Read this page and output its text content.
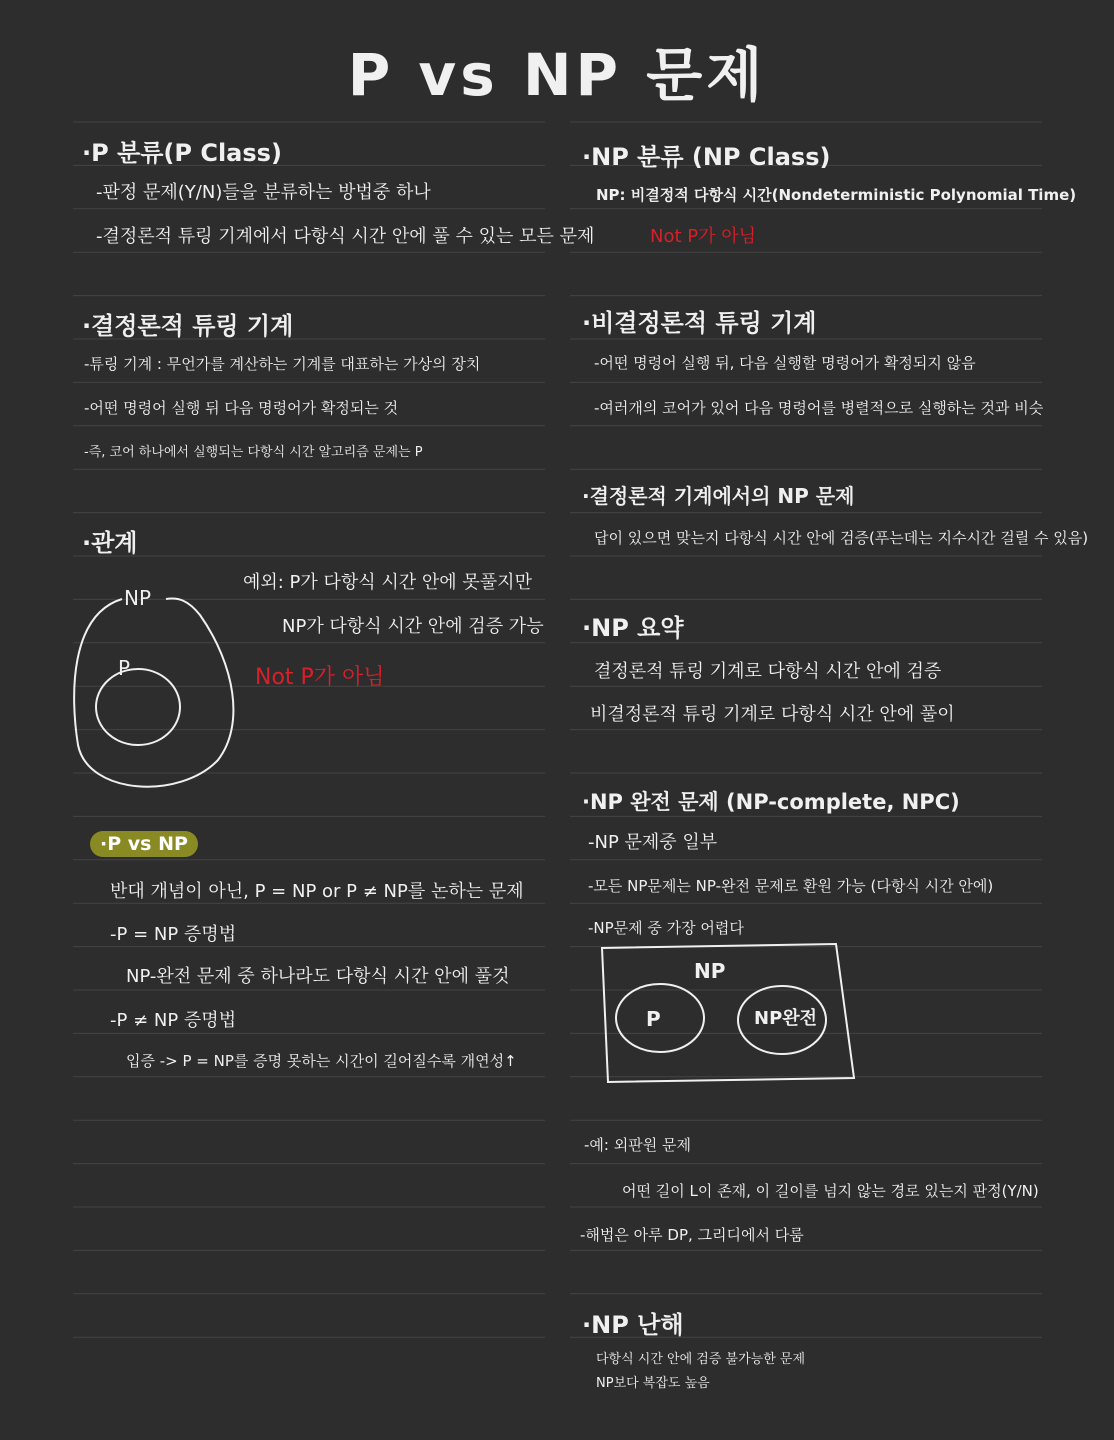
P vs NP 문제
·P 분류(P Class)
-판정 문제(Y/N)들을 분류하는 방법중 하나
-결정론적 튜링 기계에서 다항식 시간 안에 풀 수 있는 모든 문제
·결정론적 튜링 기계
-튜링 기계 : 무언가를 계산하는 기계를 대표하는 가상의 장치
-어떤 명령어 실행 뒤 다음 명령어가 확정되는 것
-즉, 코어 하나에서 실행되는 다항식 시간 알고리즘 문제는 P
·관계
NP
P
예외: P가 다항식 시간 안에 못풀지만
NP가 다항식 시간 안에 검증 가능
Not P가 아님
·P vs NP
반대 개념이 아닌, P = NP or P ≠ NP를 논하는 문제
-P = NP 증명법
NP-완전 문제 중 하나라도 다항식 시간 안에 풀것
-P ≠ NP 증명법
입증 -> P = NP를 증명 못하는 시간이 길어질수록 개연성↑
·NP 분류 (NP Class)
NP: 비결정적 다항식 시간(Nondeterministic Polynomial Time)
Not P가 아님
·비결정론적 튜링 기계
-어떤 명령어 실행 뒤, 다음 실행할 명령어가 확정되지 않음
-여러개의 코어가 있어 다음 명령어를 병렬적으로 실행하는 것과 비슷
·결정론적 기계에서의 NP 문제
답이 있으면 맞는지 다항식 시간 안에 검증(푸는데는 지수시간 걸릴 수 있음)
·NP 요약
결정론적 튜링 기계로 다항식 시간 안에 검증
비결정론적 튜링 기계로 다항식 시간 안에 풀이
·NP 완전 문제 (NP-complete, NPC)
-NP 문제중 일부
-모든 NP문제는 NP-완전 문제로 환원 가능 (다항식 시간 안에)
-NP문제 중 가장 어렵다
NP
P	NP완전
-예: 외판원 문제
어떤 길이 L이 존재, 이 길이를 넘지 않는 경로 있는지 판정(Y/N)
-해법은 아루 DP, 그리디에서 다룸
·NP 난해
다항식 시간 안에 검증 불가능한 문제
NP보다 복잡도 높음
